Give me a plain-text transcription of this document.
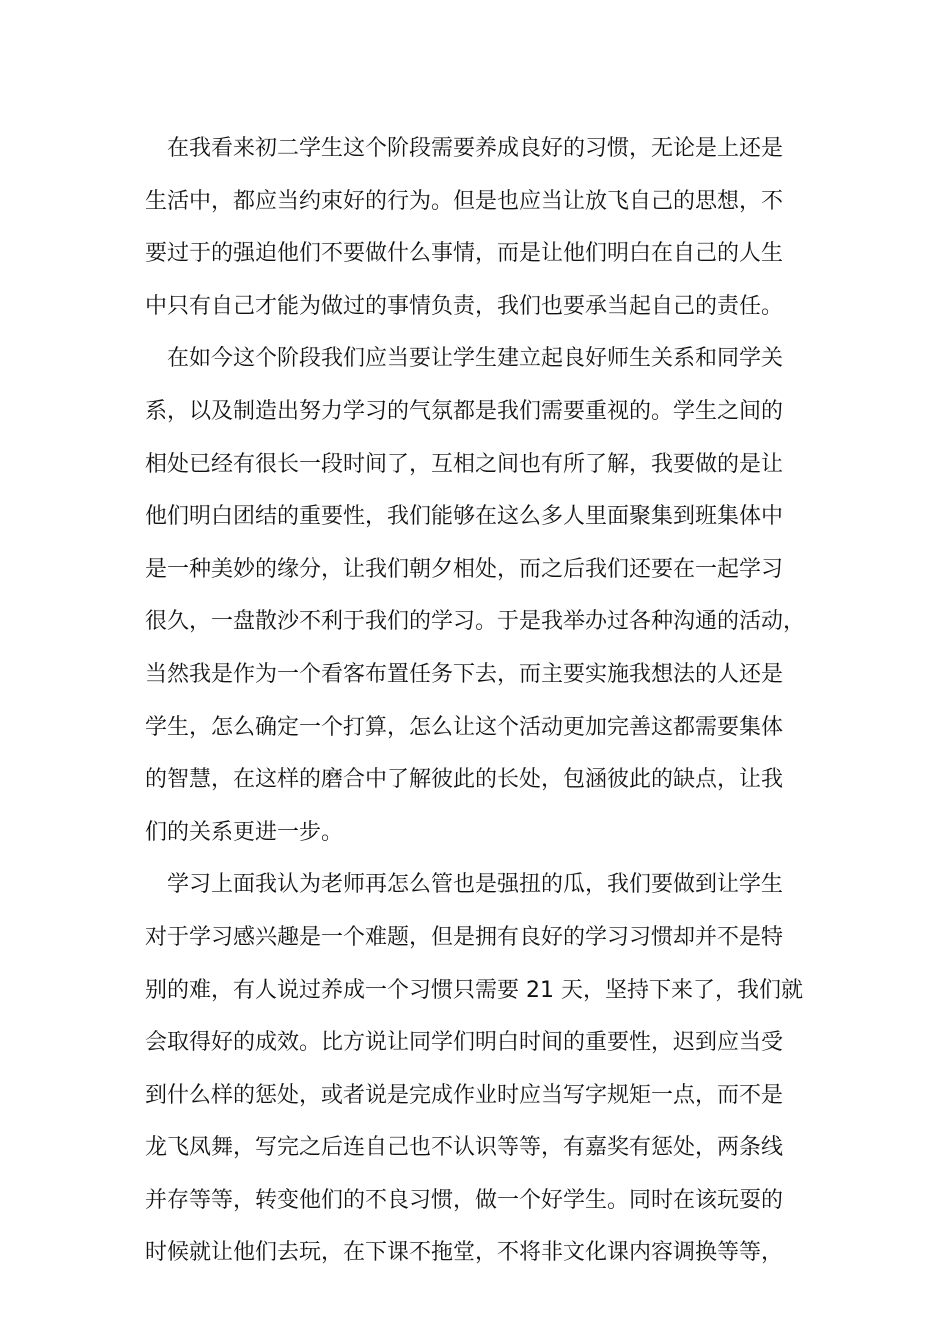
在我看来初二学生这个阶段需要养成良好的习惯，无论是上还是
生活中，都应当约束好的行为。但是也应当让放飞自己的思想，不
要过于的强迫他们不要做什么事情，而是让他们明白在自己的人生
中只有自己才能为做过的事情负责，我们也要承当起自己的责任。
在如今这个阶段我们应当要让学生建立起良好师生关系和同学关
系，以及制造出努力学习的气氛都是我们需要重视的。学生之间的
相处已经有很长一段时间了，互相之间也有所了解，我要做的是让
他们明白团结的重要性，我们能够在这么多人里面聚集到班集体中
是一种美妙的缘分，让我们朝夕相处，而之后我们还要在一起学习
很久，一盘散沙不利于我们的学习。于是我举办过各种沟通的活动，
当然我是作为一个看客布置任务下去，而主要实施我想法的人还是
学生，怎么确定一个打算，怎么让这个活动更加完善这都需要集体
的智慧，在这样的磨合中了解彼此的长处，包涵彼此的缺点，让我
们的关系更进一步。
学习上面我认为老师再怎么管也是强扭的瓜，我们要做到让学生
对于学习感兴趣是一个难题，但是拥有良好的学习习惯却并不是特
别的难，有人说过养成一个习惯只需要 21 天，坚持下来了，我们就
会取得好的成效。比方说让同学们明白时间的重要性，迟到应当受
到什么样的惩处，或者说是完成作业时应当写字规矩一点，而不是
龙飞凤舞，写完之后连自己也不认识等等，有嘉奖有惩处，两条线
并存等等，转变他们的不良习惯，做一个好学生。同时在该玩耍的
时候就让他们去玩，在下课不拖堂，不将非文化课内容调换等等，
